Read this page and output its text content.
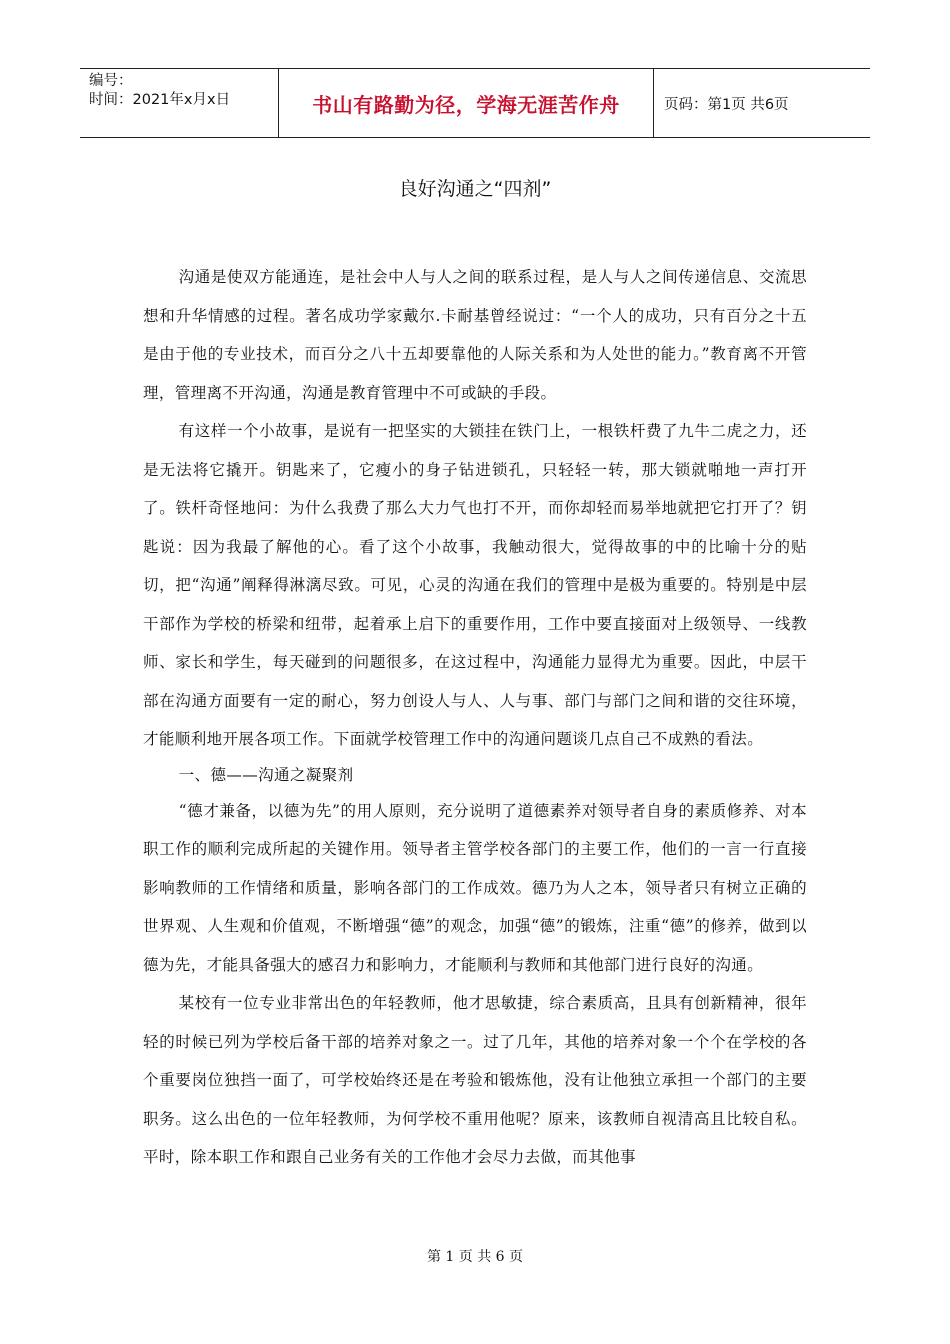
编号：
时间：2021年x月x日	书山有路勤为径，学海无涯苦作舟	页码：第1页 共6页
良好沟通之“四剂”

沟通是使双方能通连，是社会中人与人之间的联系过程，是人与人之间传递信息、交流思想和升华情感的过程。著名成功学家戴尔.卡耐基曾经说过：“一个人的成功，只有百分之十五是由于他的专业技术，而百分之八十五却要靠他的人际关系和为人处世的能力。”教育离不开管理，管理离不开沟通，沟通是教育管理中不可或缺的手段。

有这样一个小故事，是说有一把坚实的大锁挂在铁门上，一根铁杆费了九牛二虎之力，还是无法将它撬开。钥匙来了，它瘦小的身子钻进锁孔，只轻轻一转，那大锁就啪地一声打开了。铁杆奇怪地问：为什么我费了那么大力气也打不开，而你却轻而易举地就把它打开了？钥匙说：因为我最了解他的心。看了这个小故事，我触动很大，觉得故事的中的比喻十分的贴切，把“沟通”阐释得淋漓尽致。可见，心灵的沟通在我们的管理中是极为重要的。特别是中层干部作为学校的桥梁和纽带，起着承上启下的重要作用，工作中要直接面对上级领导、一线教师、家长和学生，每天碰到的问题很多，在这过程中，沟通能力显得尤为重要。因此，中层干部在沟通方面要有一定的耐心，努力创设人与人、人与事、部门与部门之间和谐的交往环境，才能顺利地开展各项工作。下面就学校管理工作中的沟通问题谈几点自己不成熟的看法。

一、德——沟通之凝聚剂

“德才兼备，以德为先”的用人原则，充分说明了道德素养对领导者自身的素质修养、对本职工作的顺利完成所起的关键作用。领导者主管学校各部门的主要工作，他们的一言一行直接影响教师的工作情绪和质量，影响各部门的工作成效。德乃为人之本，领导者只有树立正确的世界观、人生观和价值观，不断增强“德”的观念，加强“德”的锻炼，注重“德”的修养，做到以德为先，才能具备强大的感召力和影响力，才能顺利与教师和其他部门进行良好的沟通。

某校有一位专业非常出色的年轻教师，他才思敏捷，综合素质高，且具有创新精神，很年轻的时候已列为学校后备干部的培养对象之一。过了几年，其他的培养对象一个个在学校的各个重要岗位独挡一面了，可学校始终还是在考验和锻炼他，没有让他独立承担一个部门的主要职务。这么出色的一位年轻教师，为何学校不重用他呢？原来，该教师自视清高且比较自私。平时，除本职工作和跟自己业务有关的工作他才会尽力去做，而其他事

第 1 页 共 6 页
